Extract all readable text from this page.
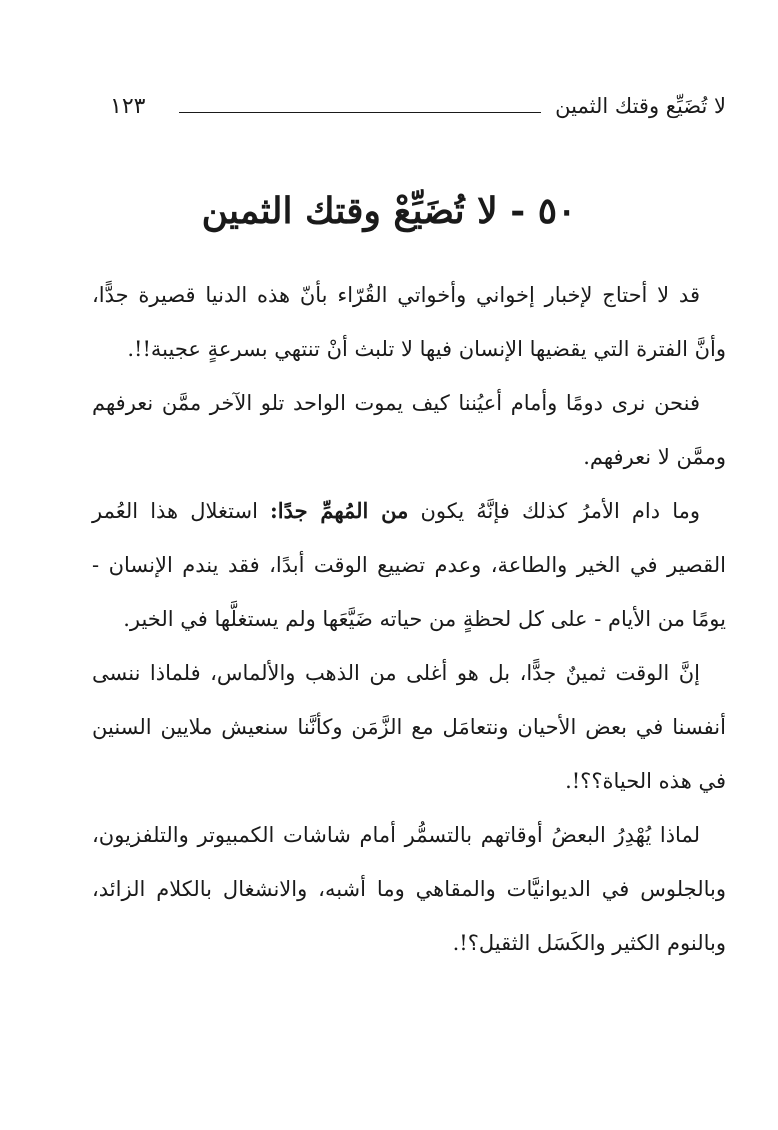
لا تُضَيِّع وقتك الثمين
١٢٣
٥٠ - لا تُضَيِّعْ وقتك الثمين

قد لا أحتاج لإخبار إخواني وأخواتي القُرّاء بأنّ هذه الدنيا قصيرة جدًّا، وأنَّ الفترة التي يقضيها الإنسان فيها لا تلبث أنْ تنتهي بسرعةٍ عجيبة!!.

فنحن نرى دومًا وأمام أعيُننا كيف يموت الواحد تلو الآخر ممَّن نعرفهم وممَّن لا نعرفهم.

وما دام الأمرُ كذلك فإنَّهُ يكون من المُهمِّ جدًا: استغلال هذا العُمر القصير في الخير والطاعة، وعدم تضييع الوقت أبدًا، فقد يندم الإنسان - يومًا من الأيام - على كل لحظةٍ من حياته ضَيَّعَها ولم يستغلَّها في الخير.

إنَّ الوقت ثمينٌ جدًّا، بل هو أغلى من الذهب والألماس، فلماذا ننسى أنفسنا في بعض الأحيان ونتعامَل مع الزَّمَن وكأنَّنا سنعيش ملايين السنين في هذه الحياة؟؟!.

لماذا يُهْدِرُ البعضُ أوقاتهم بالتسمُّر أمام شاشات الكمبيوتر والتلفزيون، وبالجلوس في الديوانيَّات والمقاهي وما أشبه، والانشغال بالكلام الزائد، وبالنوم الكثير والكَسَل الثقيل؟!.
